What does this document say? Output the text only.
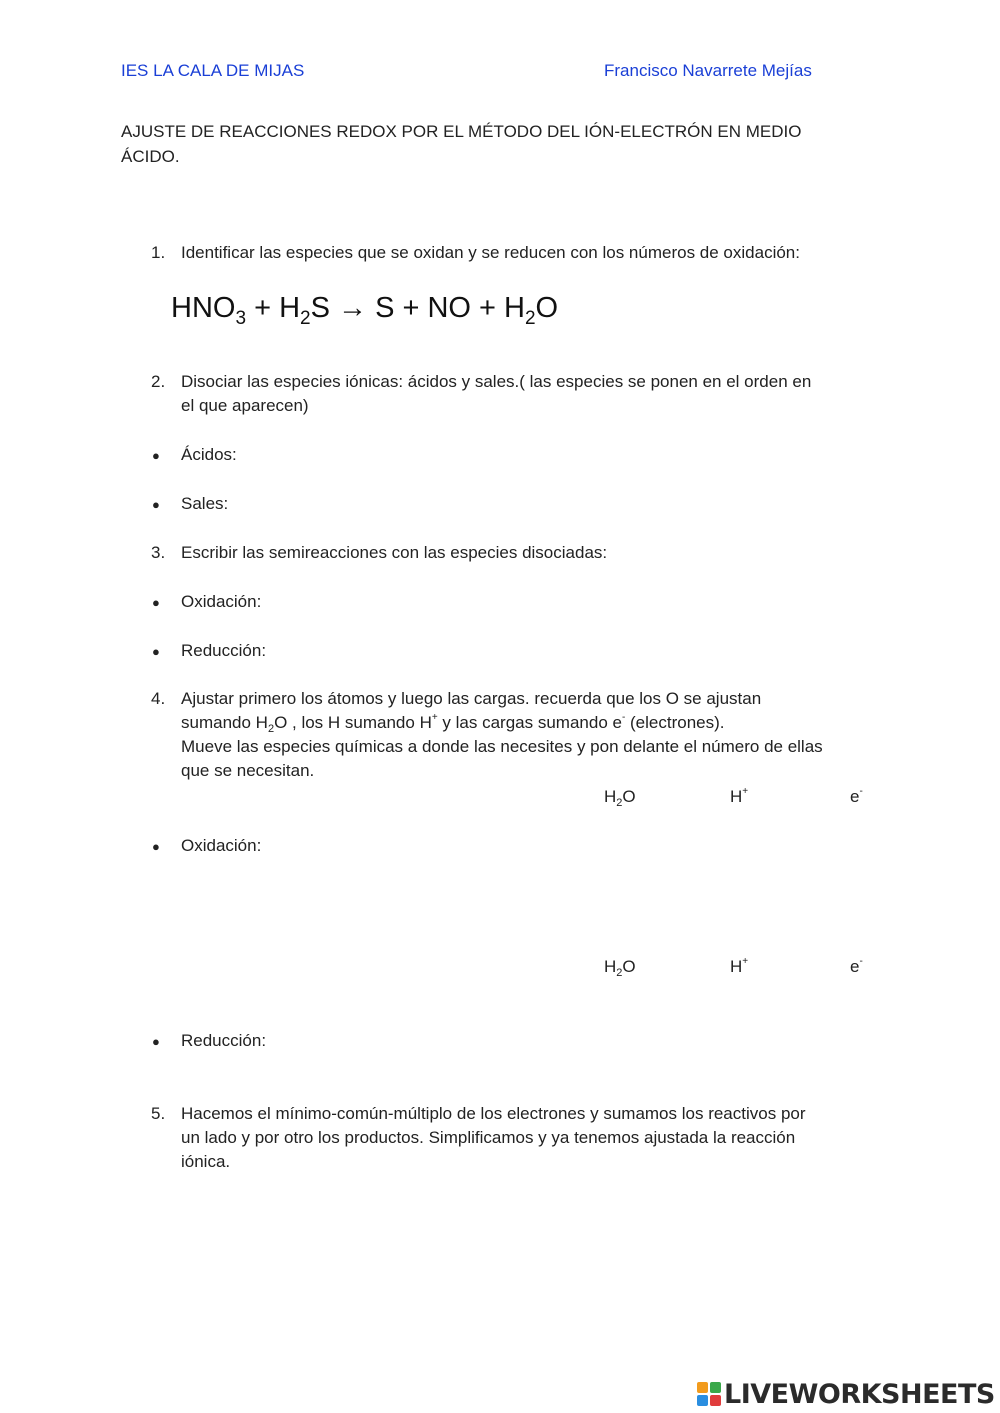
IES LA CALA DE MIJAS	Francisco Navarrete Mejías
AJUSTE DE REACCIONES REDOX POR EL MÉTODO DEL IÓN-ELECTRÓN EN MEDIO
ÁCIDO.
1. Identificar las especies que se oxidan y se reducen con los números de oxidación:
$HNO_3 + H_2S \to S$ + NO + $H_2O$
2. Disociar las especies iónicas: ácidos y sales.( las especies se ponen en el orden en
el que aparecen)
● Ácidos:
● Sales:
3. Escribir las semireacciones con las especies disociadas:
● Oxidación:
● Reducción:
4. Ajustar primero los átomos y luego las cargas. recuerda que los O se ajustan
sumando $H_2O$ , los H sumando H+ y las cargas sumando e- (electrones).
Mueve las especies químicas a donde las necesites y pon delante el número de ellas
que se necesitan.
$H_2O$	H+	e-
● Oxidación:
$H_2O$	H+	e-
● Reducción:
5. Hacemos el mínimo-común-múltiplo de los electrones y sumamos los reactivos por
un lado y por otro los productos. Simplificamos y ya tenemos ajustada la reacción
iónica.
LIVEWORKSHEETS
